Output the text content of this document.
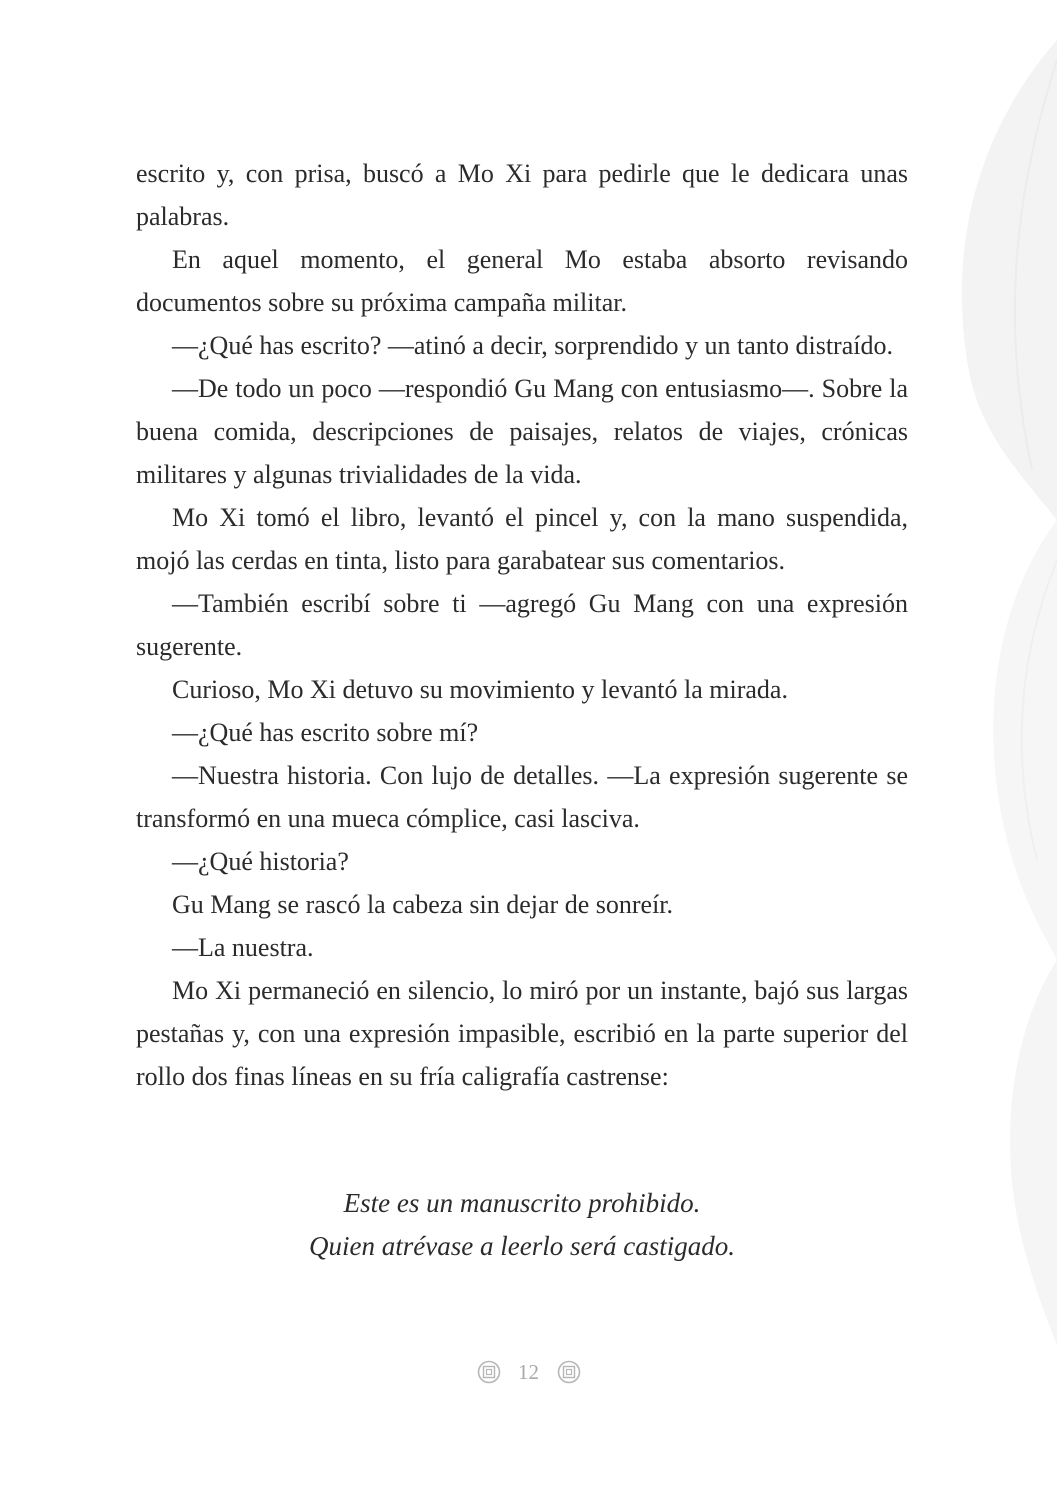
escrito y, con prisa, buscó a Mo Xi para pedirle que le dedicara unas palabras.

En aquel momento, el general Mo estaba absorto revisando documentos sobre su próxima campaña militar.

—¿Qué has escrito? —atinó a decir, sorprendido y un tanto distraído.

—De todo un poco —respondió Gu Mang con entusiasmo—. Sobre la buena comida, descripciones de paisajes, relatos de viajes, crónicas militares y algunas trivialidades de la vida.

Mo Xi tomó el libro, levantó el pincel y, con la mano suspendida, mojó las cerdas en tinta, listo para garabatear sus comentarios.

—También escribí sobre ti —agregó Gu Mang con una expresión sugerente.

Curioso, Mo Xi detuvo su movimiento y levantó la mirada.

—¿Qué has escrito sobre mí?

—Nuestra historia. Con lujo de detalles. —La expresión sugerente se transformó en una mueca cómplice, casi lasciva.

—¿Qué historia?

Gu Mang se rascó la cabeza sin dejar de sonreír.

—La nuestra.

Mo Xi permaneció en silencio, lo miró por un instante, bajó sus largas pestañas y, con una expresión impasible, escribió en la parte superior del rollo dos finas líneas en su fría caligrafía castrense:

Este es un manuscrito prohibido.
Quien atrévase a leerlo será castigado.
12
